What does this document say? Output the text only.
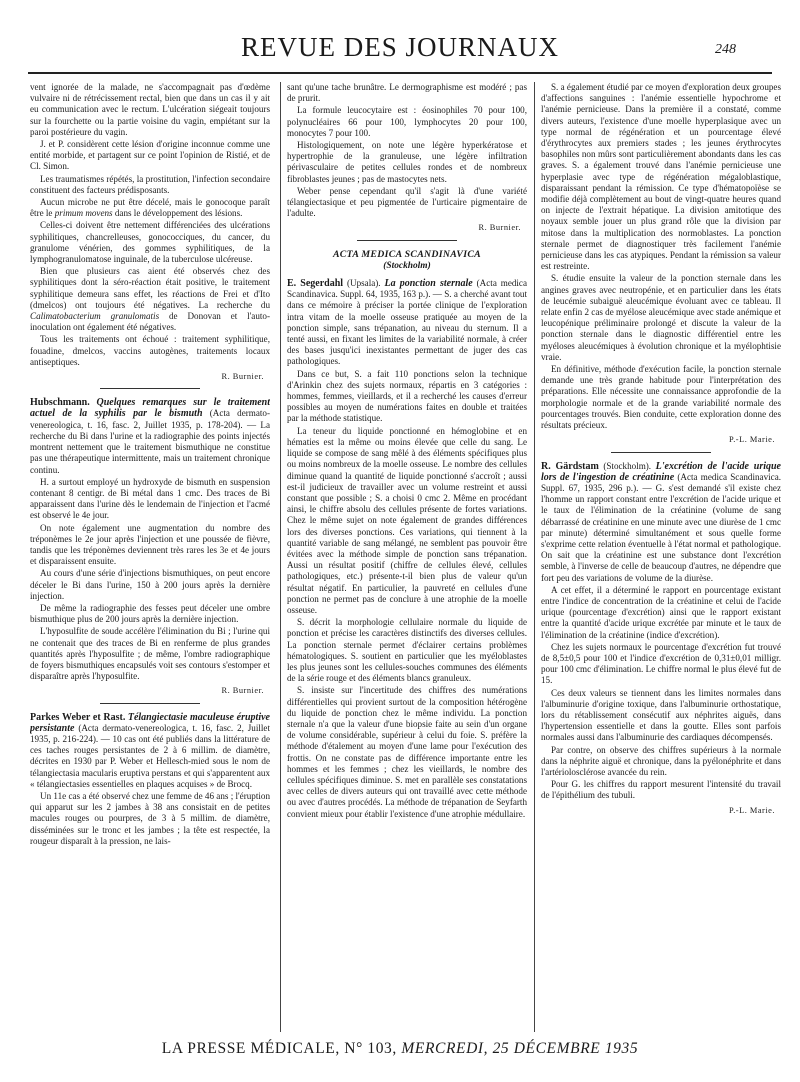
REVUE DES JOURNAUX	248

vent ignorée de la malade, ne s'accompagnait pas d'œdème vulvaire ni de rétrécissement rectal, bien que dans un cas il y ait eu communication avec le rectum. L'ulcération siégeait toujours sur la fourchette ou la partie voisine du vagin, empiétant sur la paroi postérieure du vagin.

J. et P. considèrent cette lésion d'origine inconnue comme une entité morbide, et partagent sur ce point l'opinion de Ristié, et de Cl. Simon.

Les traumatismes répétés, la prostitution, l'infection secondaire constituent des facteurs prédisposants.

Aucun microbe ne put être décelé, mais le gonocoque paraît être le primum movens dans le développement des lésions.

Celles-ci doivent être nettement différenciées des ulcérations syphilitiques, chancrelleuses, gonococciques, du cancer, du granulome vénérien, des gommes syphilitiques, de la lymphogranulomatose inguinale, de la tuberculose ulcéreuse.

Bien que plusieurs cas aient été observés chez des syphilitiques dont la séro-réaction était positive, le traitement syphilitique demeura sans effet, les réactions de Frei et d'Ito (dmelcos) ont toujours été négatives. La recherche du Calimatobacterium granulomatis de Donovan et l'auto-inoculation ont également été négatives.

Tous les traitements ont échoué : traitement syphilitique, fouadine, dmelcos, vaccins autogènes, traitements locaux antiseptiques.

R. Burnier.

Hubschmann. Quelques remarques sur le traitement actuel de la syphilis par le bismuth (Acta dermato-venereologica, t. 16, fasc. 2, Juillet 1935, p. 178-204). — La recherche du Bi dans l'urine et la radiographie des points injectés montrent nettement que le traitement bismuthique ne constitue pas une thérapeutique intermittente, mais un traitement chronique continu.

H. a surtout employé un hydroxyde de bismuth en suspension contenant 8 centigr. de Bi métal dans 1 cmc. Des traces de Bi apparaissent dans l'urine dès le lendemain de l'injection et l'acmé est observé le 4e jour.

On note également une augmentation du nombre des tréponèmes le 2e jour après l'injection et une poussée de fièvre, tandis que les tréponèmes deviennent très rares les 3e et 4e jours et disparaissent ensuite.

Au cours d'une série d'injections bismuthiques, on peut encore déceler le Bi dans l'urine, 150 à 200 jours après la dernière injection.

De même la radiographie des fesses peut déceler une ombre bismuthique plus de 200 jours après la dernière injection.

L'hyposulfite de soude accélère l'élimination du Bi ; l'urine qui ne contenait que des traces de Bi en renferme de plus grandes quantités après l'hyposulfite ; de même, l'ombre radiographique de foyers bismuthiques encapsulés voit ses contours s'estomper et disparaître après l'hyposulfite.

R. Burnier.

Parkes Weber et Rast. Télangiectasie maculeuse éruptive persistante (Acta dermato-venereologica, t. 16, fasc. 2, Juillet 1935, p. 216-224). — 10 cas ont été publiés dans la littérature de ces taches rouges persistantes de 2 à 6 millim. de diamètre, décrites en 1930 par P. Weber et Hellesch-mied sous le nom de télangiectasia macularis eruptiva perstans et qui s'apparentent aux « télangiectasies essentielles en plaques acquises » de Brocq.

Un 11e cas a été observé chez une femme de 46 ans ; l'éruption qui apparut sur les 2 jambes à 38 ans consistait en de petites macules rouges ou pourpres, de 3 à 5 millim. de diamètre, disséminées sur le tronc et les jambes ; la tête est respectée, la rougeur disparaît à la pression, ne lais-

sant qu'une tache brunâtre. Le dermographisme est modéré ; pas de prurit.

La formule leucocytaire est : éosinophiles 70 pour 100, polynucléaires 66 pour 100, lymphocytes 20 pour 100, monocytes 7 pour 100.

Histologiquement, on note une légère hyperkératose et hypertrophie de la granuleuse, une légère infiltration périvasculaire de petites cellules rondes et de nombreux fibroblastes jeunes ; pas de mastocytes nets.

Weber pense cependant qu'il s'agit là d'une variété télangiectasique et peu pigmentée de l'urticaire pigmentaire de l'adulte.

R. Burnier.
ACTA MEDICA SCANDINAVICA
(Stockholm)

E. Segerdahl (Upsala). La ponction sternale (Acta medica Scandinavica. Suppl. 64, 1935, 163 p.). — S. a cherché avant tout dans ce mémoire à préciser la portée clinique de l'exploration intra vitam de la moelle osseuse pratiquée au moyen de la ponction simple, sans trépanation, au niveau du sternum. Il a tenté aussi, en fixant les limites de la variabilité normale, à créer des bases jusqu'ici inexistantes permettant de juger des cas pathologiques.

Dans ce but, S. a fait 110 ponctions selon la technique d'Arinkin chez des sujets normaux, répartis en 3 catégories : hommes, femmes, vieillards, et il a recherché les causes d'erreur possibles au moyen de numérations faites en double et traitées par la méthode statistique.

La teneur du liquide ponctionné en hémoglobine et en hématies est la même ou moins élevée que celle du sang. Le liquide se compose de sang mêlé à des éléments spécifiques plus ou moins nombreux de la moelle osseuse. Le nombre des cellules diminue quand la quantité de liquide ponctionné s'accroît ; aussi est-il judicieux de travailler avec un volume restreint et aussi constant que possible ; S. a choisi 0 cmc 2. Même en procédant ainsi, le chiffre absolu des cellules présente de fortes variations. Chez le même sujet on note également de grandes différences lors des diverses ponctions. Ces variations, qui tiennent à la quantité variable de sang mélangé, ne semblent pas pouvoir être évitées avec la méthode simple de ponction sans trépanation. Aussi un résultat positif (chiffre de cellules élevé, cellules pathologiques, etc.) présente-t-il bien plus de valeur qu'un résultat négatif. En particulier, la pauvreté en cellules d'une ponction ne permet pas de conclure à une atrophie de la moelle osseuse.

S. décrit la morphologie cellulaire normale du liquide de ponction et précise les caractères distinctifs des diverses cellules. La ponction sternale permet d'éclairer certains problèmes hématologiques. S. soutient en particulier que les myéloblastes les plus jeunes sont les cellules-souches communes des éléments de la série rouge et des éléments blancs granuleux.

S. insiste sur l'incertitude des chiffres des numérations différentielles qui provient surtout de la composition hétérogène du liquide de ponction chez le même individu. La ponction sternale n'a que la valeur d'une biopsie faite au sein d'un organe de volume considérable, supérieur à celui du foie. S. préfère la méthode d'étalement au moyen d'une lame pour l'exécution des frottis. On ne constate pas de différence importante entre les hommes et les femmes ; chez les vieillards, le nombre des cellules spécifiques diminue. S. met en parallèle ses constatations avec celles de divers auteurs qui ont travaillé avec cette méthode ou avec d'autres procédés. La méthode de trépanation de Seyfarth convient mieux pour établir l'existence d'une atrophie médullaire.

S. a également étudié par ce moyen d'exploration deux groupes d'affections sanguines : l'anémie essentielle hypochrome et l'anémie pernicieuse. Dans la première il a constaté, comme divers auteurs, l'existence d'une moelle hyperplasique avec un type normal de régénération et un pourcentage élevé d'érythrocytes aux premiers stades ; les jeunes érythrocytes basophiles non mûrs sont particulièrement abondants dans les cas graves. S. a également trouvé dans l'anémie pernicieuse une hyperplasie avec type de régénération mégaloblastique, disparaissant pendant la rémission. Ce type d'hématopoïèse se modifie déjà complètement au bout de vingt-quatre heures quand on injecte de l'extrait hépatique. La division amitotique des noyaux semble jouer un plus grand rôle que la division par mitose dans la multiplication des normoblastes. La ponction sternale permet de diagnostiquer très facilement l'anémie pernicieuse dans les cas atypiques. Pendant la rémission sa valeur est restreinte.

S. étudie ensuite la valeur de la ponction sternale dans les angines graves avec neutropénie, et en particulier dans les états de leucémie subaiguë aleucémique évoluant avec ce tableau. Il relate enfin 2 cas de myélose aleucémique avec stade anémique et leucopénique préliminaire prolongé et discute la valeur de la ponction sternale dans le diagnostic différentiel entre les myéloses aleucémiques à évolution chronique et la myélophtisie vraie.

En définitive, méthode d'exécution facile, la ponction sternale demande une très grande habitude pour l'interprétation des préparations. Elle nécessite une connaissance approfondie de la morphologie normale et de la grande variabilité normale des pourcentages trouvés. Bien conduite, cette exploration donne des résultats précieux.

P.-L. Marie.

R. Gärdstam (Stockholm). L'excrétion de l'acide urique lors de l'ingestion de créatinine (Acta medica Scandinavica. Suppl. 67, 1935, 296 p.). — G. s'est demandé s'il existe chez l'homme un rapport constant entre l'excrétion de l'acide urique et le taux de l'élimination de la créatinine (volume de sang débarrassé de créatinine en une minute avec une diurèse de 1 cmc par minute) déterminé simultanément et sous quelle forme s'exprime cette relation éventuelle à l'état normal et pathologique. On sait que la créatinine est une substance dont l'excrétion semble, à l'inverse de celle de beaucoup d'autres, ne dépendre que fort peu des variations de volume de la diurèse.

A cet effet, il a déterminé le rapport en pourcentage existant entre l'indice de concentration de la créatinine et celui de l'acide urique (pourcentage d'excrétion) ainsi que le rapport existant entre la quantité d'acide urique excrétée par minute et le taux de l'élimination de la créatinine (indice d'excrétion).

Chez les sujets normaux le pourcentage d'excrétion fut trouvé de 8,5±0,5 pour 100 et l'indice d'excrétion de 0,31±0,01 milligr. pour 100 cmc d'élimination. Le chiffre normal le plus élevé fut de 15.

Ces deux valeurs se tiennent dans les limites normales dans l'albuminurie d'origine toxique, dans l'albuminurie orthostatique, lors du rétablissement consécutif aux néphrites aiguës, dans l'hypertension essentielle et dans la goutte. Elles sont parfois normales aussi dans l'albuminurie des cardiaques décompensés.

Par contre, on observe des chiffres supérieurs à la normale dans la néphrite aiguë et chronique, dans la pyélonéphrite et dans l'artériolosclérose avancée du rein.

Pour G. les chiffres du rapport mesurent l'intensité du travail de l'épithélium des tubuli.

P.-L. Marie.
LA PRESSE MÉDICALE, N° 103, MERCREDI, 25 DÉCEMBRE 1935
